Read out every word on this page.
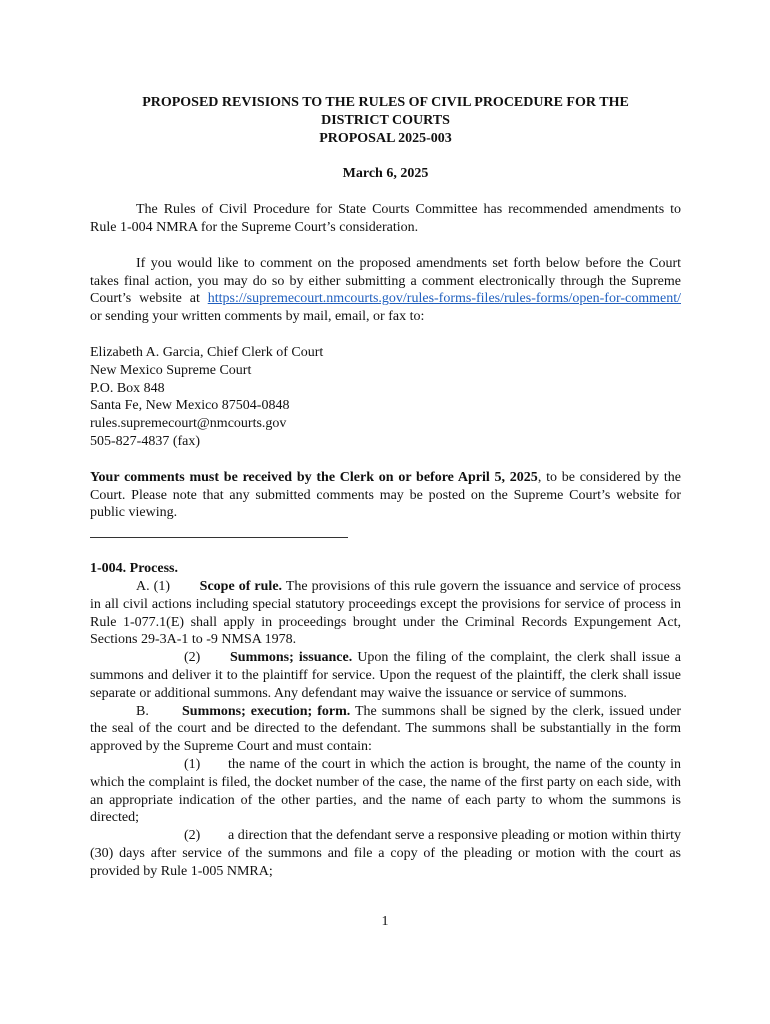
PROPOSED REVISIONS TO THE RULES OF CIVIL PROCEDURE FOR THE
DISTRICT COURTS
PROPOSAL 2025-003
March 6, 2025

The Rules of Civil Procedure for State Courts Committee has recommended amendments to Rule 1-004 NMRA for the Supreme Court’s consideration.

If you would like to comment on the proposed amendments set forth below before the Court takes final action, you may do so by either submitting a comment electronically through the Supreme Court’s website at https://supremecourt.nmcourts.gov/rules-forms-files/rules-forms/open-for-comment/ or sending your written comments by mail, email, or fax to:

Elizabeth A. Garcia, Chief Clerk of Court
New Mexico Supreme Court
P.O. Box 848
Santa Fe, New Mexico 87504-0848
rules.supremecourt@nmcourts.gov
505-827-4837 (fax)

Your comments must be received by the Clerk on or before April 5, 2025, to be considered by the Court. Please note that any submitted comments may be posted on the Supreme Court’s website for public viewing.

1-004. Process.

A. (1) Scope of rule. The provisions of this rule govern the issuance and service of process in all civil actions including special statutory proceedings except the provisions for service of process in Rule 1-077.1(E) shall apply in proceedings brought under the Criminal Records Expungement Act, Sections 29-3A-1 to -9 NMSA 1978.

(2) Summons; issuance. Upon the filing of the complaint, the clerk shall issue a summons and deliver it to the plaintiff for service. Upon the request of the plaintiff, the clerk shall issue separate or additional summons. Any defendant may waive the issuance or service of summons.

B. Summons; execution; form. The summons shall be signed by the clerk, issued under the seal of the court and be directed to the defendant. The summons shall be substantially in the form approved by the Supreme Court and must contain:

(1) the name of the court in which the action is brought, the name of the county in which the complaint is filed, the docket number of the case, the name of the first party on each side, with an appropriate indication of the other parties, and the name of each party to whom the summons is directed;

(2) a direction that the defendant serve a responsive pleading or motion within thirty (30) days after service of the summons and file a copy of the pleading or motion with the court as provided by Rule 1-005 NMRA;

1
